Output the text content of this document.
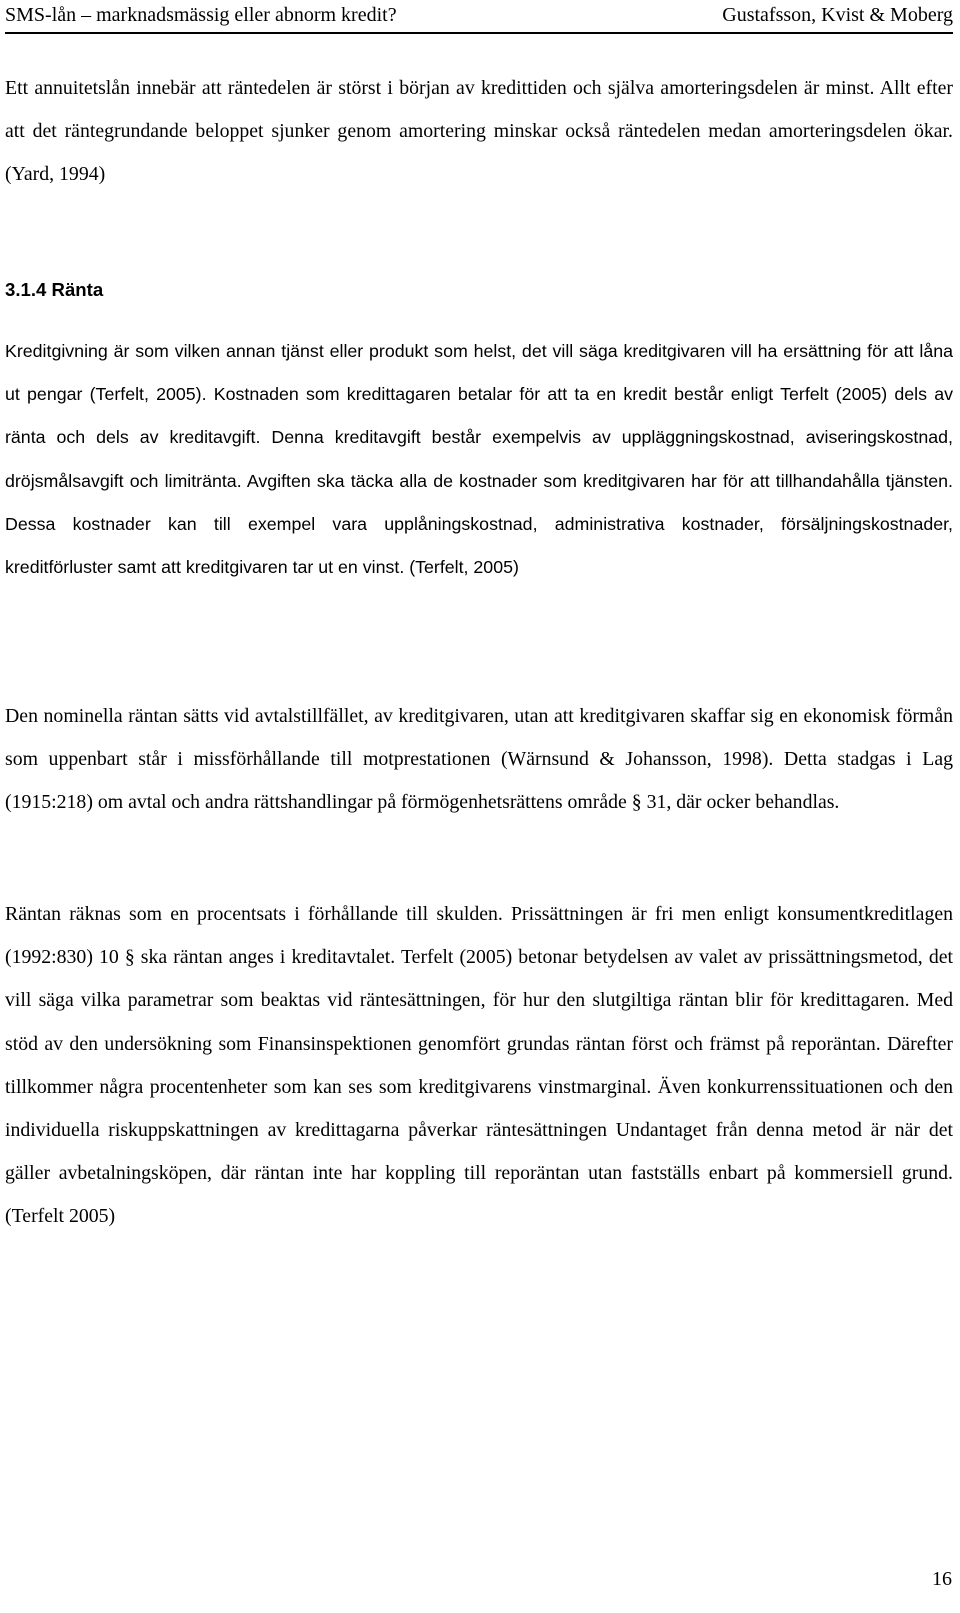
SMS-lån – marknadsmässig eller abnorm kredit?	Gustafsson, Kvist & Moberg

Ett annuitetslån innebär att räntedelen är störst i början av kredittiden och själva amorteringsdelen är minst. Allt efter att det räntegrundande beloppet sjunker genom amortering minskar också räntedelen medan amorteringsdelen ökar. (Yard, 1994)

3.1.4 Ränta

Kreditgivning är som vilken annan tjänst eller produkt som helst, det vill säga kreditgivaren vill ha ersättning för att låna ut pengar (Terfelt, 2005). Kostnaden som kredittagaren betalar för att ta en kredit består enligt Terfelt (2005) dels av ränta och dels av kreditavgift. Denna kreditavgift består exempelvis av uppläggningskostnad, aviseringskostnad, dröjsmålsavgift och limitränta. Avgiften ska täcka alla de kostnader som kreditgivaren har för att tillhandahålla tjänsten. Dessa kostnader kan till exempel vara upplåningskostnad, administrativa kostnader, försäljningskostnader, kreditförluster samt att kreditgivaren tar ut en vinst. (Terfelt, 2005)

Den nominella räntan sätts vid avtalstillfället, av kreditgivaren, utan att kreditgivaren skaffar sig en ekonomisk förmån som uppenbart står i missförhållande till motprestationen (Wärnsund & Johansson, 1998). Detta stadgas i Lag (1915:218) om avtal och andra rättshandlingar på förmögenhetsrättens område § 31, där ocker behandlas.

Räntan räknas som en procentsats i förhållande till skulden. Prissättningen är fri men enligt konsumentkreditlagen (1992:830) 10 § ska räntan anges i kreditavtalet. Terfelt (2005) betonar betydelsen av valet av prissättningsmetod, det vill säga vilka parametrar som beaktas vid räntesättningen, för hur den slutgiltiga räntan blir för kredittagaren. Med stöd av den undersökning som Finansinspektionen genomfört grundas räntan först och främst på reporäntan. Därefter tillkommer några procentenheter som kan ses som kreditgivarens vinstmarginal. Även konkurrenssituationen och den individuella riskuppskattningen av kredittagarna påverkar räntesättningen Undantaget från denna metod är när det gäller avbetalningsköpen, där räntan inte har koppling till reporäntan utan fastställs enbart på kommersiell grund. (Terfelt 2005)

16
